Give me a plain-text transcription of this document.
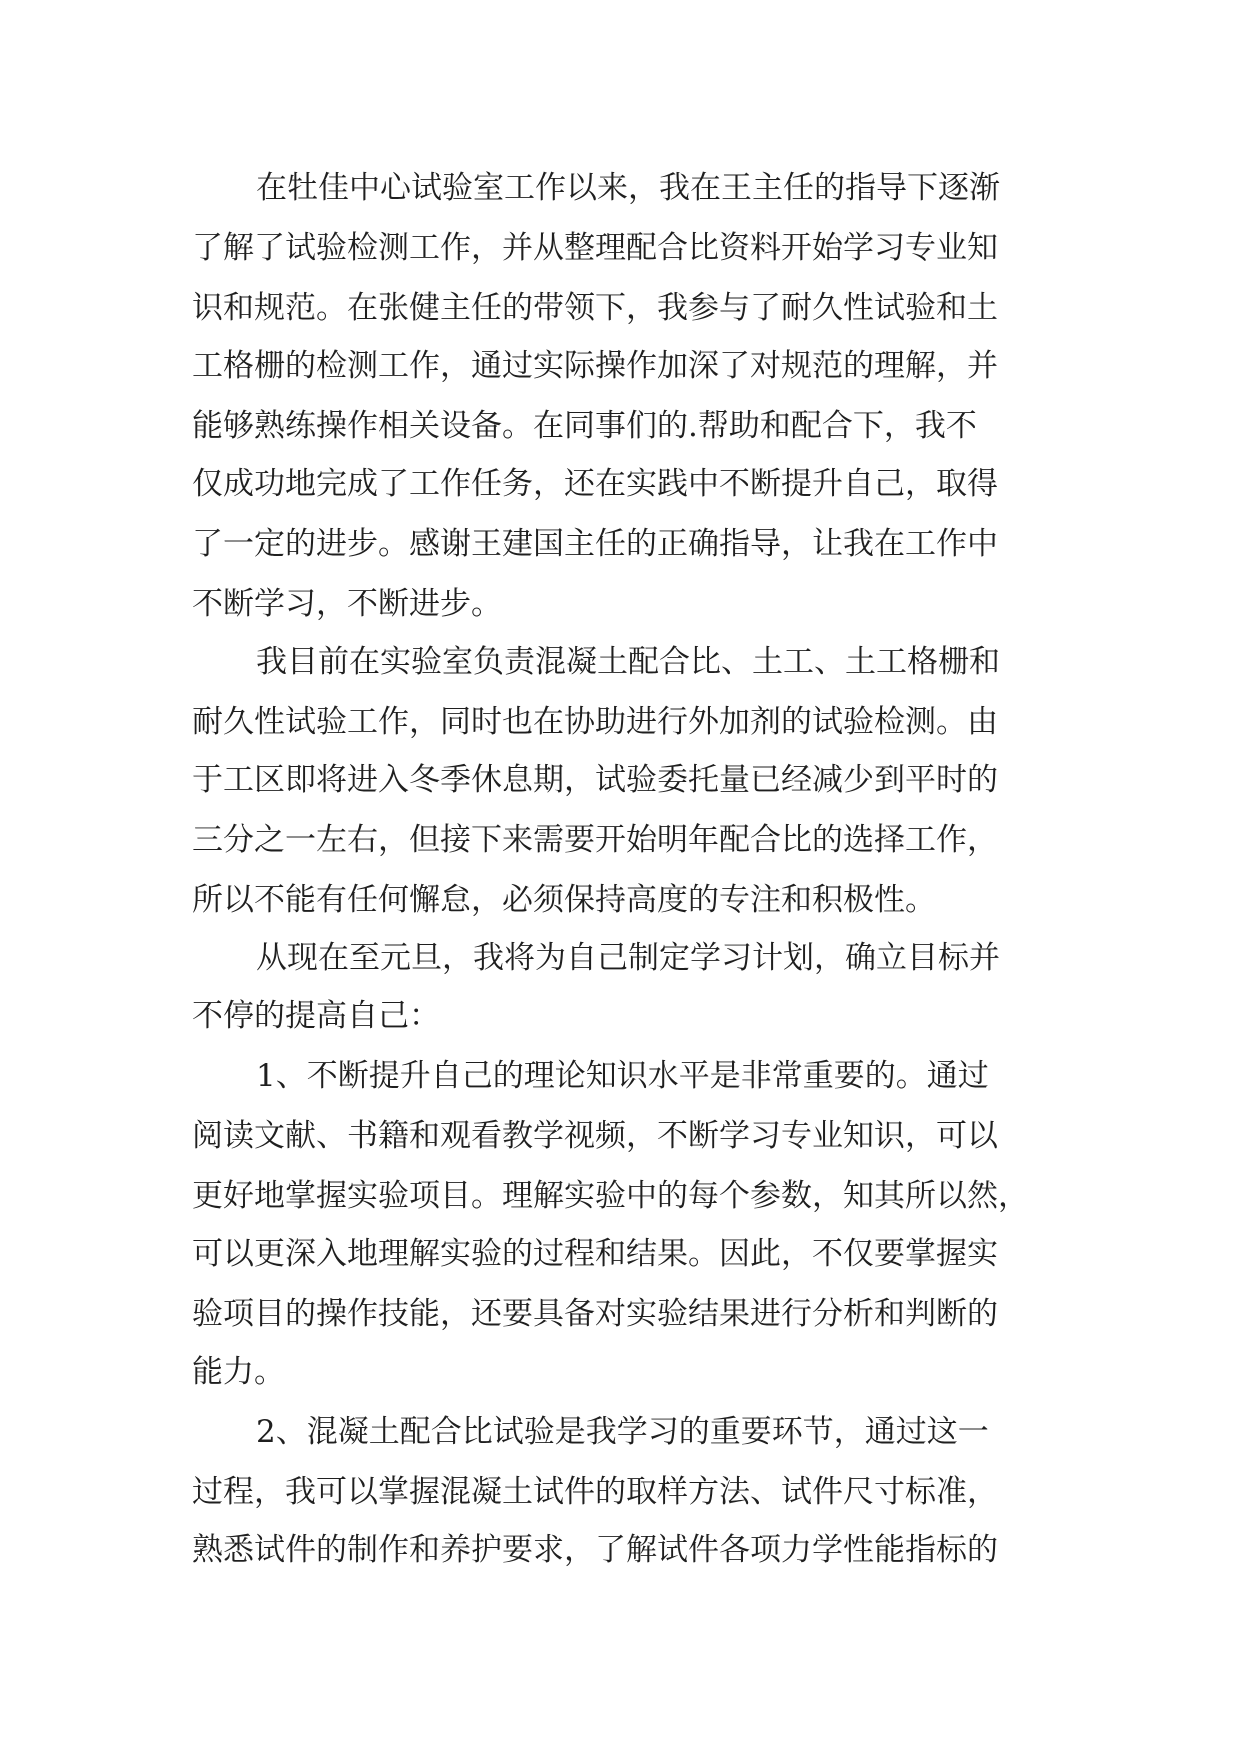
在牡佳中心试验室工作以来，我在王主任的指导下逐渐

了解了试验检测工作，并从整理配合比资料开始学习专业知

识和规范。在张健主任的带领下，我参与了耐久性试验和土

工格栅的检测工作，通过实际操作加深了对规范的理解，并

能够熟练操作相关设备。在同事们的.帮助和配合下，我不

仅成功地完成了工作任务，还在实践中不断提升自己，取得

了一定的进步。感谢王建国主任的正确指导，让我在工作中

不断学习，不断进步。

我目前在实验室负责混凝土配合比、土工、土工格栅和

耐久性试验工作，同时也在协助进行外加剂的试验检测。由

于工区即将进入冬季休息期，试验委托量已经减少到平时的

三分之一左右，但接下来需要开始明年配合比的选择工作，

所以不能有任何懈怠，必须保持高度的专注和积极性。

从现在至元旦，我将为自己制定学习计划，确立目标并

不停的提高自己：

1、不断提升自己的理论知识水平是非常重要的。通过

阅读文献、书籍和观看教学视频，不断学习专业知识，可以

更好地掌握实验项目。理解实验中的每个参数，知其所以然，

可以更深入地理解实验的过程和结果。因此，不仅要掌握实

验项目的操作技能，还要具备对实验结果进行分析和判断的

能力。

2、混凝土配合比试验是我学习的重要环节，通过这一

过程，我可以掌握混凝土试件的取样方法、试件尺寸标准，

熟悉试件的制作和养护要求，了解试件各项力学性能指标的
